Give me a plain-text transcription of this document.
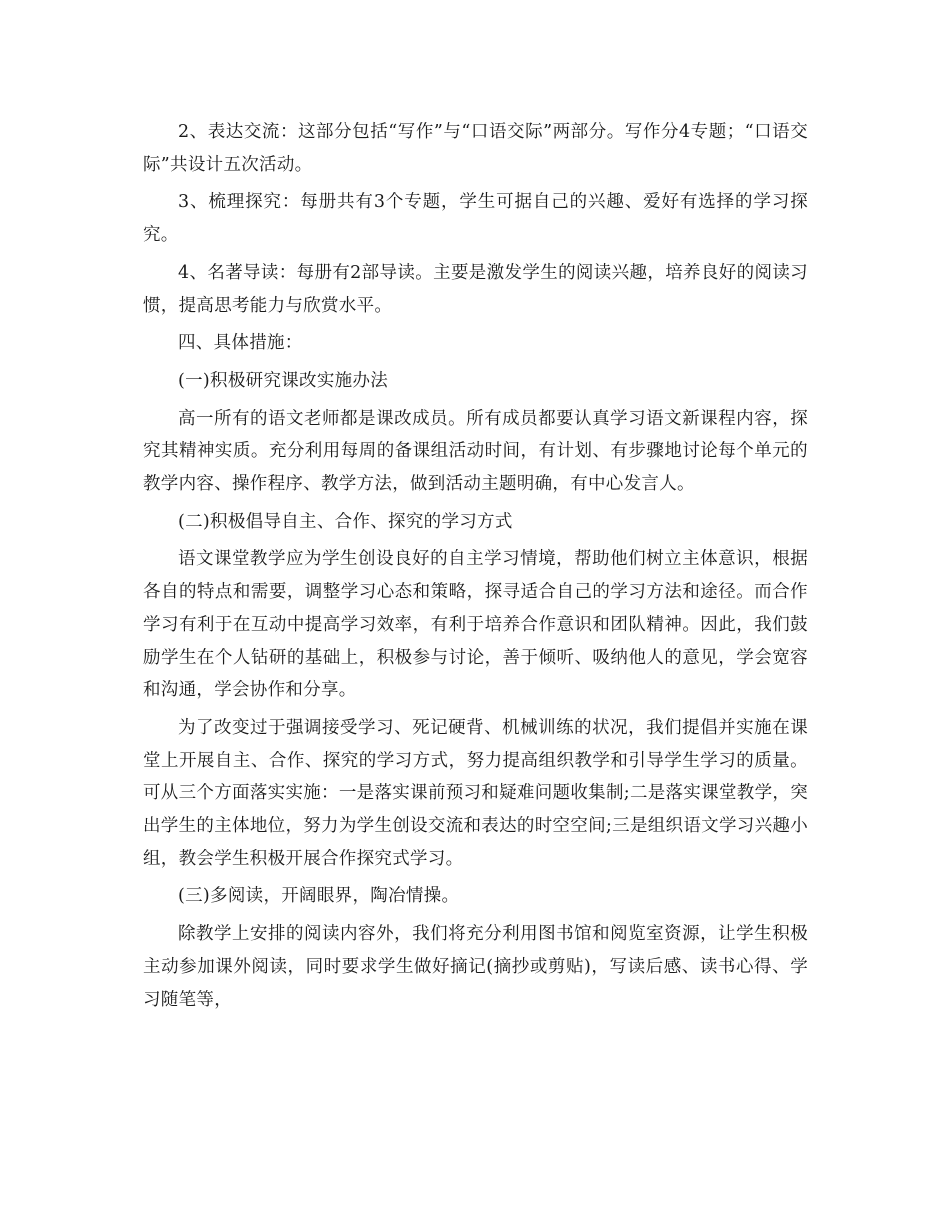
2、表达交流：这部分包括“写作”与“口语交际”两部分。写作分4专题；“口语交际”共设计五次活动。

3、梳理探究：每册共有3个专题，学生可据自己的兴趣、爱好有选择的学习探究。

4、名著导读：每册有2部导读。主要是激发学生的阅读兴趣，培养良好的阅读习惯，提高思考能力与欣赏水平。

四、具体措施：

(一)积极研究课改实施办法

高一所有的语文老师都是课改成员。所有成员都要认真学习语文新课程内容，探究其精神实质。充分利用每周的备课组活动时间，有计划、有步骤地讨论每个单元的教学内容、操作程序、教学方法，做到活动主题明确，有中心发言人。

(二)积极倡导自主、合作、探究的学习方式

语文课堂教学应为学生创设良好的自主学习情境，帮助他们树立主体意识，根据各自的特点和需要，调整学习心态和策略，探寻适合自己的学习方法和途径。而合作学习有利于在互动中提高学习效率，有利于培养合作意识和团队精神。因此，我们鼓励学生在个人钻研的基础上，积极参与讨论，善于倾听、吸纳他人的意见，学会宽容和沟通，学会协作和分享。

为了改变过于强调接受学习、死记硬背、机械训练的状况，我们提倡并实施在课堂上开展自主、合作、探究的学习方式，努力提高组织教学和引导学生学习的质量。可从三个方面落实实施：一是落实课前预习和疑难问题收集制;二是落实课堂教学，突出学生的主体地位，努力为学生创设交流和表达的时空空间;三是组织语文学习兴趣小组，教会学生积极开展合作探究式学习。

(三)多阅读，开阔眼界，陶冶情操。

除教学上安排的阅读内容外，我们将充分利用图书馆和阅览室资源，让学生积极主动参加课外阅读，同时要求学生做好摘记(摘抄或剪贴)，写读后感、读书心得、学习随笔等，
